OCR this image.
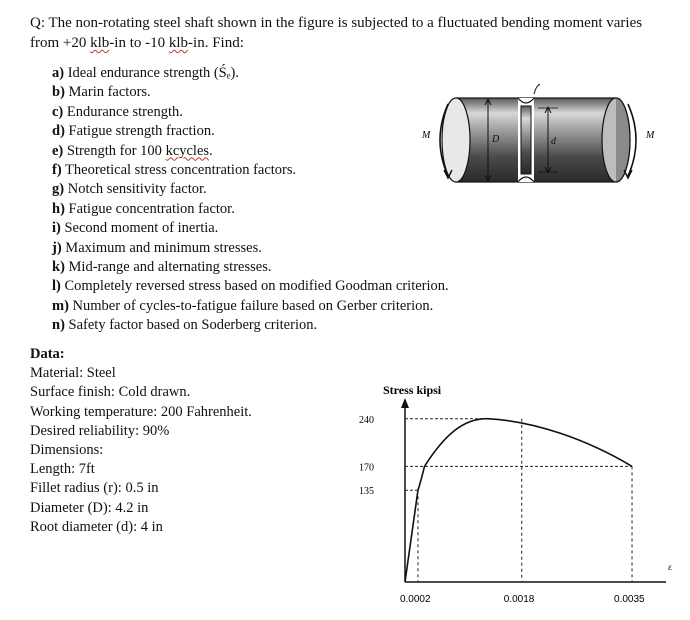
Q: The non-rotating steel shaft shown in the figure is subjected to a fluctuated bending moment varies from +20 klb-in to -10 klb-in. Find:
a) Ideal endurance strength (Śₑ).
b) Marin factors.
c) Endurance strength.
d) Fatigue strength fraction.
e) Strength for 100 kcycles.
f) Theoretical stress concentration factors.
g) Notch sensitivity factor.
h) Fatigue concentration factor.
i) Second moment of inertia.
j) Maximum and minimum stresses.
k) Mid-range and alternating stresses.
l) Completely reversed stress based on modified Goodman criterion.
m) Number of cycles-to-fatigue failure based on Gerber criterion.
n) Safety factor based on Soderberg criterion.
Data:
Material: Steel
Surface finish: Cold drawn.
Working temperature: 200 Fahrenheit.
Desired reliability: 90%
Dimensions:
Length: 7ft
Fillet radius (r): 0.5 in
Diameter (D): 4.2 in
Root diameter (d): 4 in
M	M
D	d
Stress kipsi
240
170
135
0.0002	0.0018	0.0035
ε
